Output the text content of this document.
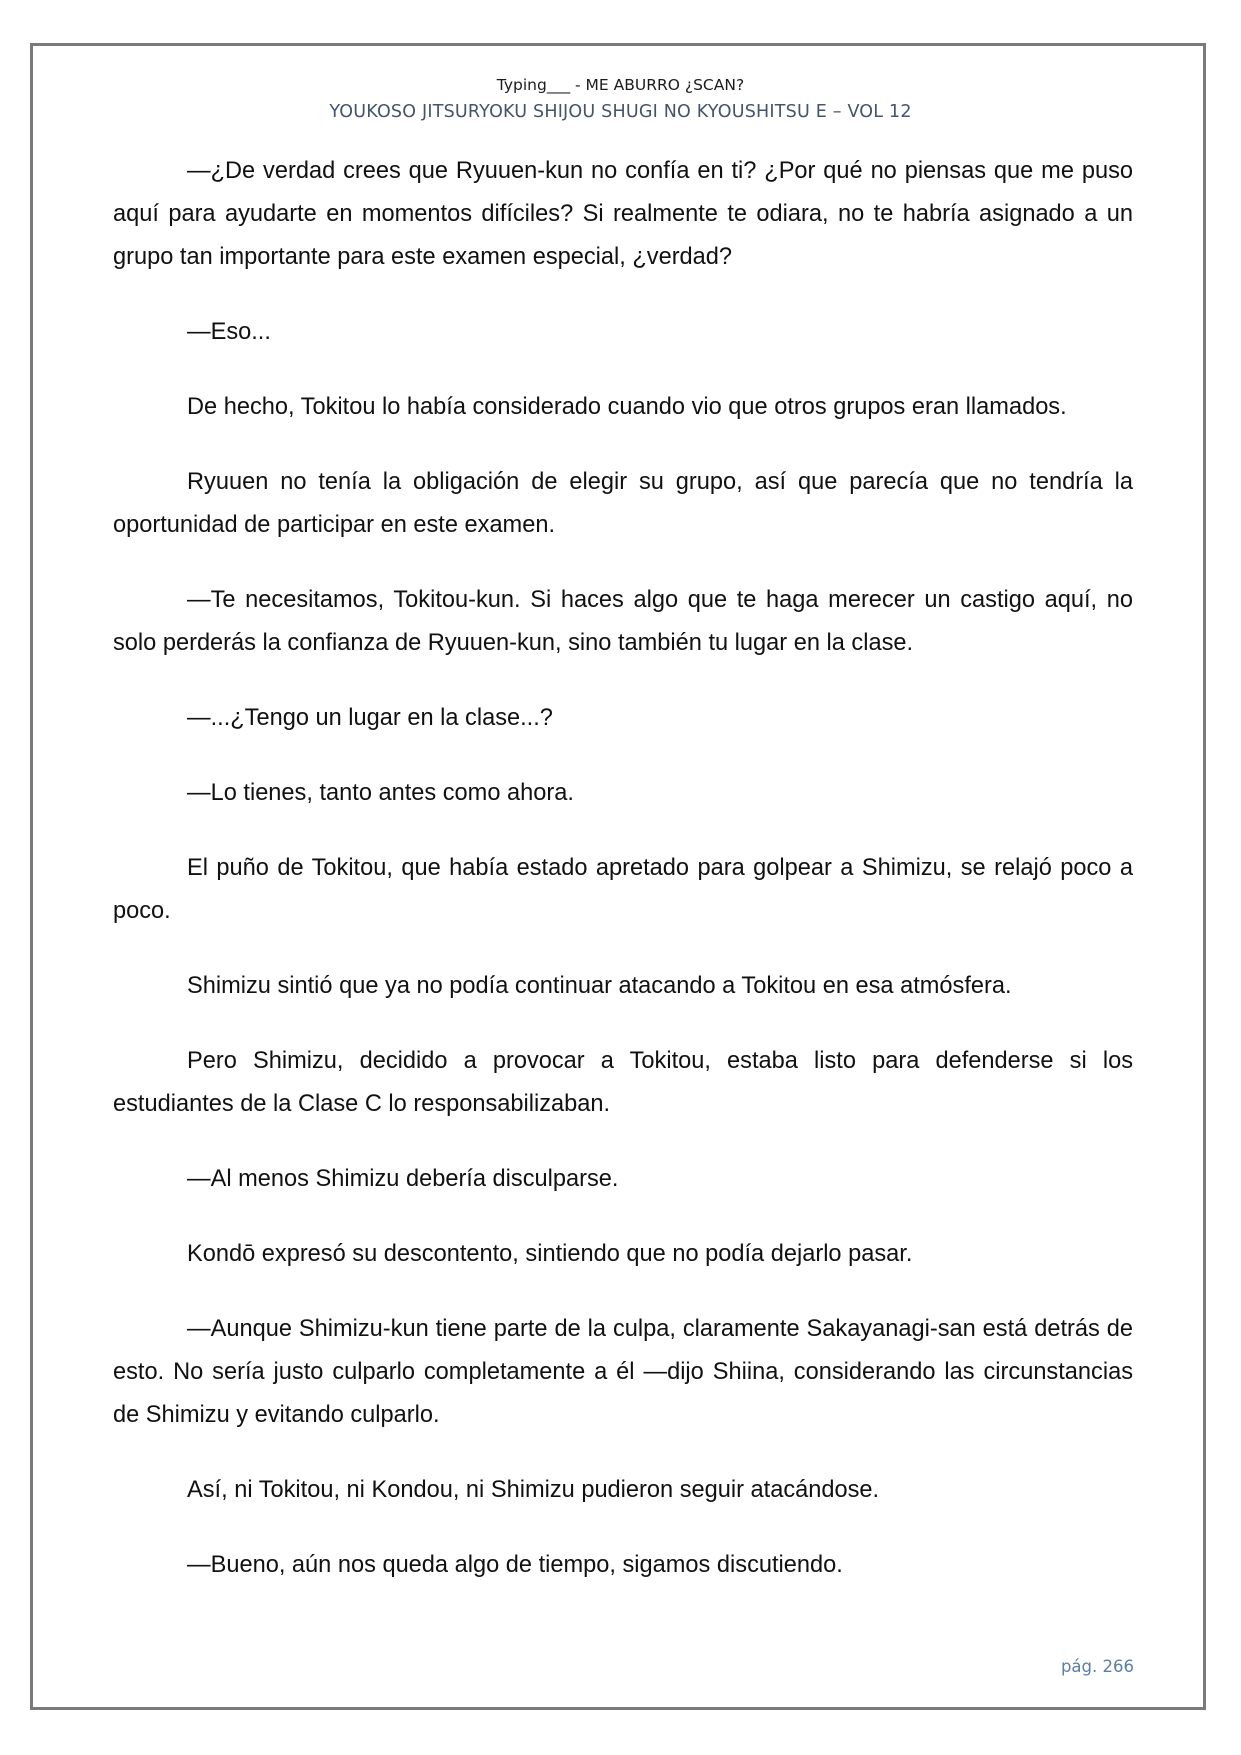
Typing___ - ME ABURRO ¿SCAN?
YOUKOSO JITSURYOKU SHIJOU SHUGI NO KYOUSHITSU E – VOL 12

—¿De verdad crees que Ryuuen-kun no confía en ti? ¿Por qué no piensas que me puso aquí para ayudarte en momentos difíciles? Si realmente te odiara, no te habría asignado a un grupo tan importante para este examen especial, ¿verdad?

—Eso...

De hecho, Tokitou lo había considerado cuando vio que otros grupos eran llamados.

Ryuuen no tenía la obligación de elegir su grupo, así que parecía que no tendría la oportunidad de participar en este examen.

—Te necesitamos, Tokitou-kun. Si haces algo que te haga merecer un castigo aquí, no solo perderás la confianza de Ryuuen-kun, sino también tu lugar en la clase.

—...¿Tengo un lugar en la clase...?

—Lo tienes, tanto antes como ahora.

El puño de Tokitou, que había estado apretado para golpear a Shimizu, se relajó poco a poco.

Shimizu sintió que ya no podía continuar atacando a Tokitou en esa atmósfera.

Pero Shimizu, decidido a provocar a Tokitou, estaba listo para defenderse si los estudiantes de la Clase C lo responsabilizaban.

—Al menos Shimizu debería disculparse.

Kondō expresó su descontento, sintiendo que no podía dejarlo pasar.

—Aunque Shimizu-kun tiene parte de la culpa, claramente Sakayanagi-san está detrás de esto. No sería justo culparlo completamente a él —dijo Shiina, considerando las circunstancias de Shimizu y evitando culparlo.

Así, ni Tokitou, ni Kondou, ni Shimizu pudieron seguir atacándose.

—Bueno, aún nos queda algo de tiempo, sigamos discutiendo.

pág. 266
